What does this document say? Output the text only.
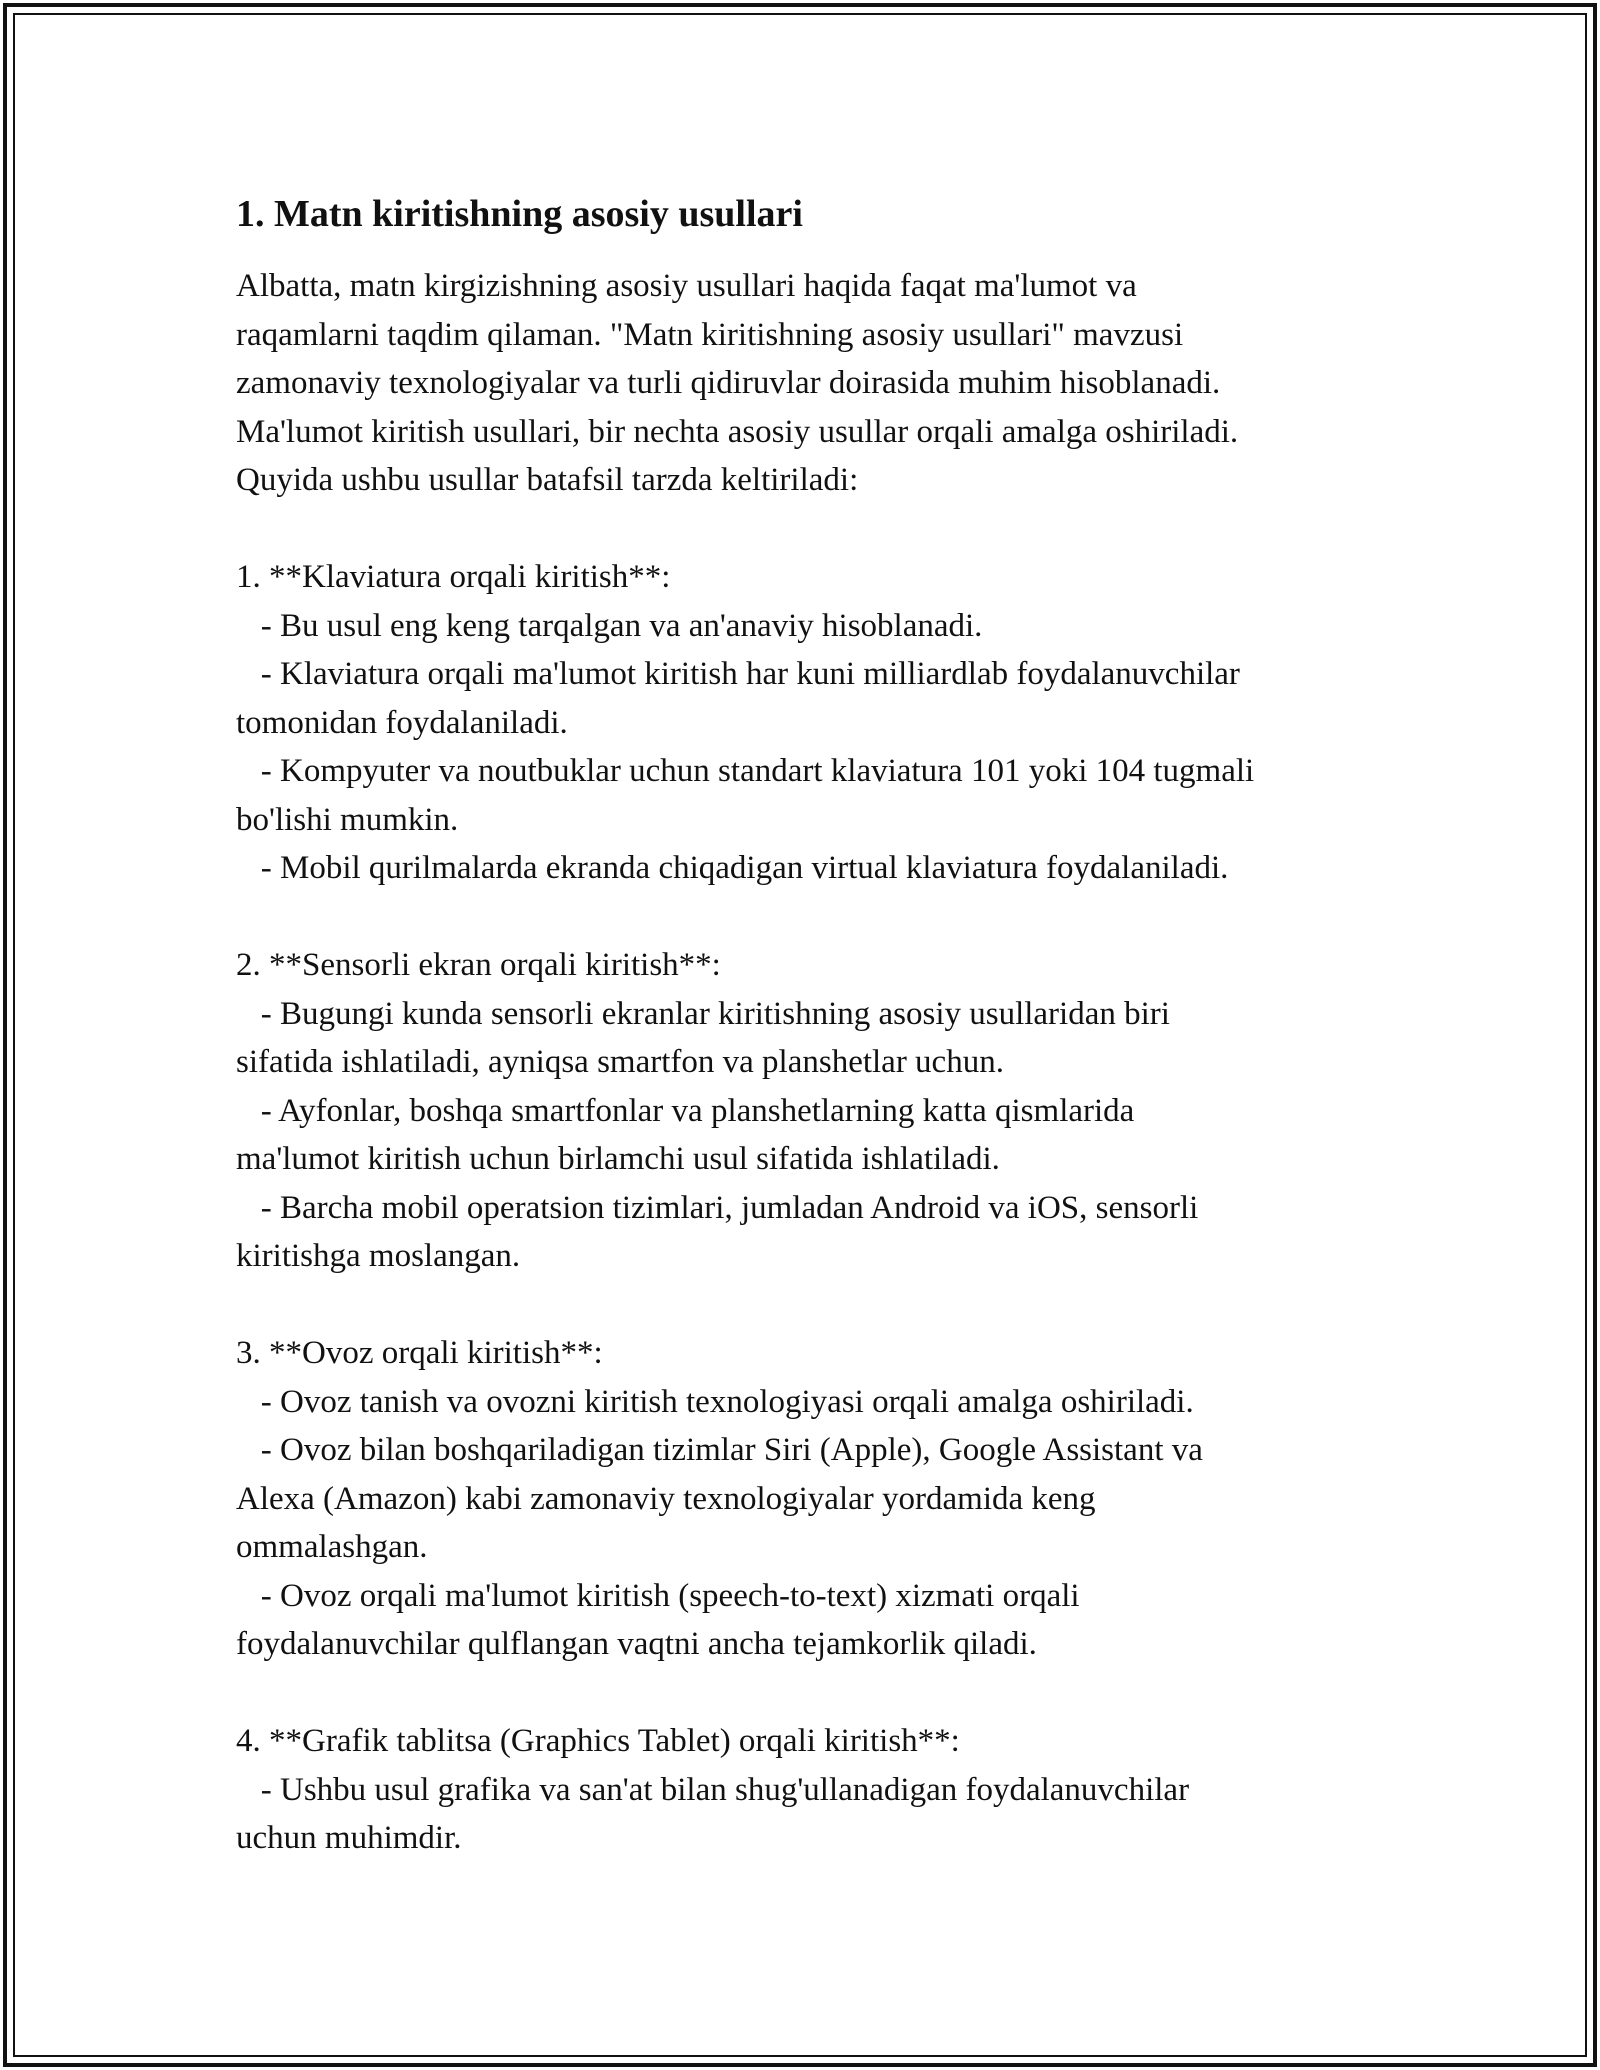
1. Matn kiritishning asosiy usullari
Albatta, matn kirgizishning asosiy usullari haqida faqat ma'lumot va
raqamlarni taqdim qilaman. "Matn kiritishning asosiy usullari" mavzusi
zamonaviy texnologiyalar va turli qidiruvlar doirasida muhim hisoblanadi.
Ma'lumot kiritish usullari, bir nechta asosiy usullar orqali amalga oshiriladi.
Quyida ushbu usullar batafsil tarzda keltiriladi:
1. **Klaviatura orqali kiritish**:
- Bu usul eng keng tarqalgan va an'anaviy hisoblanadi.
- Klaviatura orqali ma'lumot kiritish har kuni milliardlab foydalanuvchilar
tomonidan foydalaniladi.
- Kompyuter va noutbuklar uchun standart klaviatura 101 yoki 104 tugmali
bo'lishi mumkin.
- Mobil qurilmalarda ekranda chiqadigan virtual klaviatura foydalaniladi.
2. **Sensorli ekran orqali kiritish**:
- Bugungi kunda sensorli ekranlar kiritishning asosiy usullaridan biri
sifatida ishlatiladi, ayniqsa smartfon va planshetlar uchun.
- Ayfonlar, boshqa smartfonlar va planshetlarning katta qismlarida
ma'lumot kiritish uchun birlamchi usul sifatida ishlatiladi.
- Barcha mobil operatsion tizimlari, jumladan Android va iOS, sensorli
kiritishga moslangan.
3. **Ovoz orqali kiritish**:
- Ovoz tanish va ovozni kiritish texnologiyasi orqali amalga oshiriladi.
- Ovoz bilan boshqariladigan tizimlar Siri (Apple), Google Assistant va
Alexa (Amazon) kabi zamonaviy texnologiyalar yordamida keng
ommalashgan.
- Ovoz orqali ma'lumot kiritish (speech-to-text) xizmati orqali
foydalanuvchilar qulflangan vaqtni ancha tejamkorlik qiladi.
4. **Grafik tablitsa (Graphics Tablet) orqali kiritish**:
- Ushbu usul grafika va san'at bilan shug'ullanadigan foydalanuvchilar
uchun muhimdir.
